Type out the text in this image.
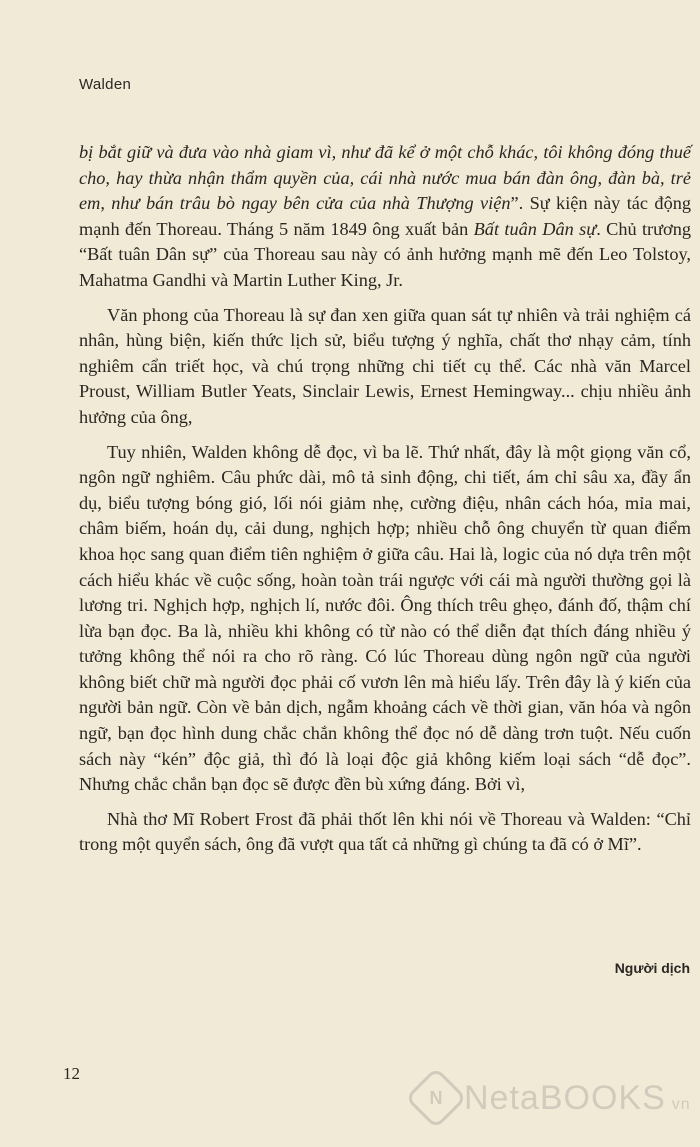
Walden

bị bắt giữ và đưa vào nhà giam vì, như đã kể ở một chỗ khác, tôi không đóng thuế cho, hay thừa nhận thẩm quyền của, cái nhà nước mua bán đàn ông, đàn bà, trẻ em, như bán trâu bò ngay bên cửa của nhà Thượng viện”. Sự kiện này tác động mạnh đến Thoreau. Tháng 5 năm 1849 ông xuất bản Bất tuân Dân sự. Chủ trương “Bất tuân Dân sự” của Thoreau sau này có ảnh hưởng mạnh mẽ đến Leo Tolstoy, Mahatma Gandhi và Martin Luther King, Jr.

Văn phong của Thoreau là sự đan xen giữa quan sát tự nhiên và trải nghiệm cá nhân, hùng biện, kiến thức lịch sử, biểu tượng ý nghĩa, chất thơ nhạy cảm, tính nghiêm cẩn triết học, và chú trọng những chi tiết cụ thể. Các nhà văn Marcel Proust, William Butler Yeats, Sinclair Lewis, Ernest Hemingway... chịu nhiều ảnh hưởng của ông,

Tuy nhiên, Walden không dễ đọc, vì ba lẽ. Thứ nhất, đây là một giọng văn cổ, ngôn ngữ nghiêm. Câu phức dài, mô tả sinh động, chi tiết, ám chỉ sâu xa, đầy ẩn dụ, biểu tượng bóng gió, lối nói giảm nhẹ, cường điệu, nhân cách hóa, mỉa mai, châm biếm, hoán dụ, cải dung, nghịch hợp; nhiều chỗ ông chuyển từ quan điểm khoa học sang quan điểm tiên nghiệm ở giữa câu. Hai là, logic của nó dựa trên một cách hiểu khác về cuộc sống, hoàn toàn trái ngược với cái mà người thường gọi là lương tri. Nghịch hợp, nghịch lí, nước đôi. Ông thích trêu ghẹo, đánh đố, thậm chí lừa bạn đọc. Ba là, nhiều khi không có từ nào có thể diễn đạt thích đáng nhiều ý tưởng không thể nói ra cho rõ ràng. Có lúc Thoreau dùng ngôn ngữ của người không biết chữ mà người đọc phải cố vươn lên mà hiểu lấy. Trên đây là ý kiến của người bản ngữ. Còn về bản dịch, ngẫm khoảng cách về thời gian, văn hóa và ngôn ngữ, bạn đọc hình dung chắc chắn không thể đọc nó dễ dàng trơn tuột. Nếu cuốn sách này “kén” độc giả, thì đó là loại độc giả không kiếm loại sách “dễ đọc”. Nhưng chắc chắn bạn đọc sẽ được đền bù xứng đáng. Bởi vì,

Nhà thơ Mĩ Robert Frost đã phải thốt lên khi nói về Thoreau và Walden: “Chỉ trong một quyển sách, ông đã vượt qua tất cả những gì chúng ta đã có ở Mĩ”.

Người dịch
12
N NetaBOOKS vn
